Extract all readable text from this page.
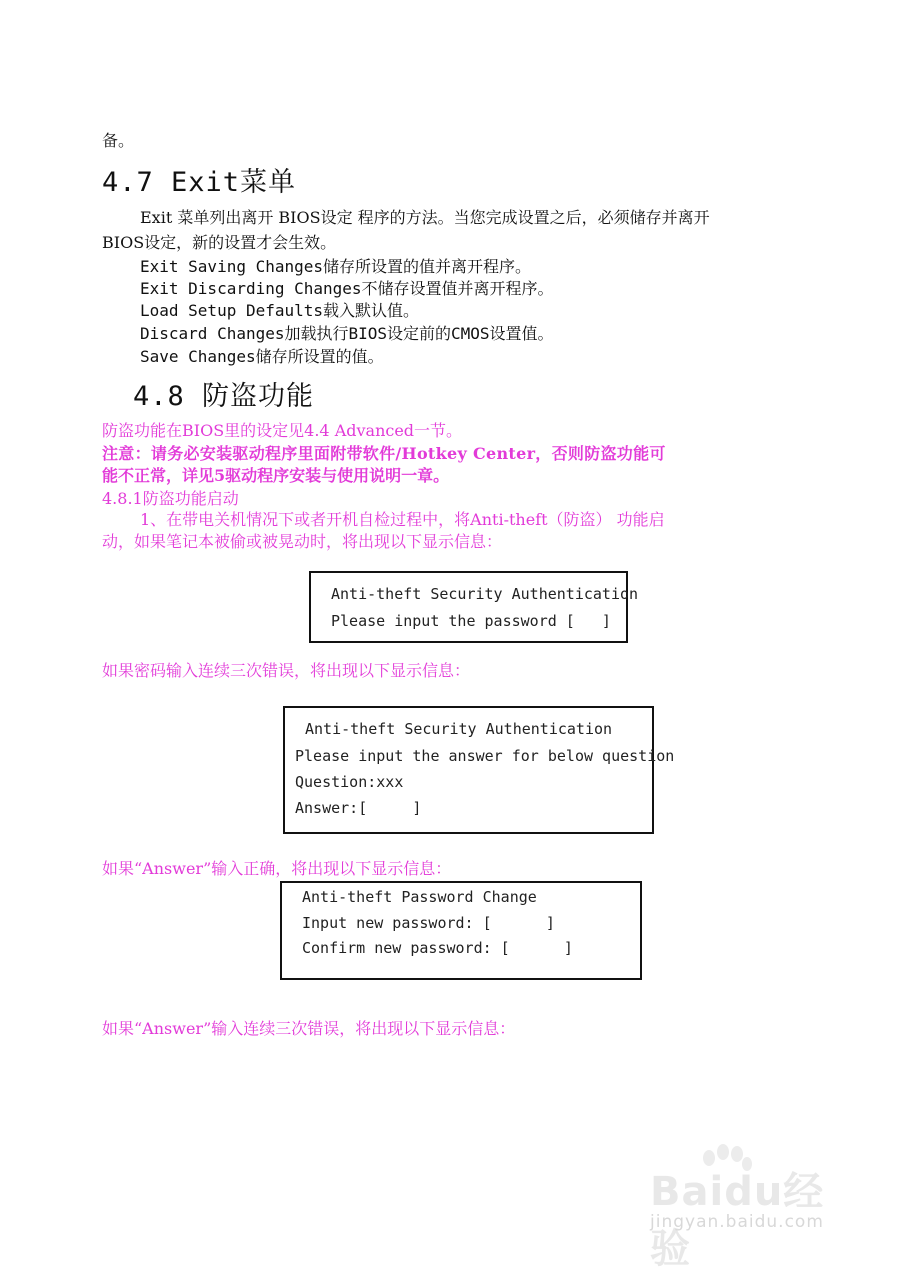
备。
4.7 Exit菜单
Exit 菜单列出离开 BIOS设定 程序的方法。当您完成设置之后，必须储存并离开
BIOS设定，新的设置才会生效。
Exit Saving Changes储存所设置的值并离开程序。
Exit Discarding Changes不储存设置值并离开程序。
Load Setup Defaults载入默认值。
Discard Changes加载执行BIOS设定前的CMOS设置值。
Save Changes储存所设置的值。
4.8 防盗功能
防盗功能在BIOS里的设定见4.4 Advanced一节。
注意：请务必安装驱动程序里面附带软件/Hotkey Center，否则防盗功能可
能不正常，详见5驱动程序安装与使用说明一章。
4.8.1防盗功能启动
1、在带电关机情况下或者开机自检过程中，将Anti-theft（防盗） 功能启
动，如果笔记本被偷或被晃动时，将出现以下显示信息：
Anti-theft Security Authentication
Please input the password [   ]
如果密码输入连续三次错误，将出现以下显示信息：
Anti-theft Security Authentication
Please input the answer for below question
Question:xxx
Answer:[     ]
如果“Answer”输入正确，将出现以下显示信息：
Anti-theft Password Change
Input new password: [      ]
Confirm new password: [      ]
如果“Answer”输入连续三次错误，将出现以下显示信息：
Baidu经验
jingyan.baidu.com
